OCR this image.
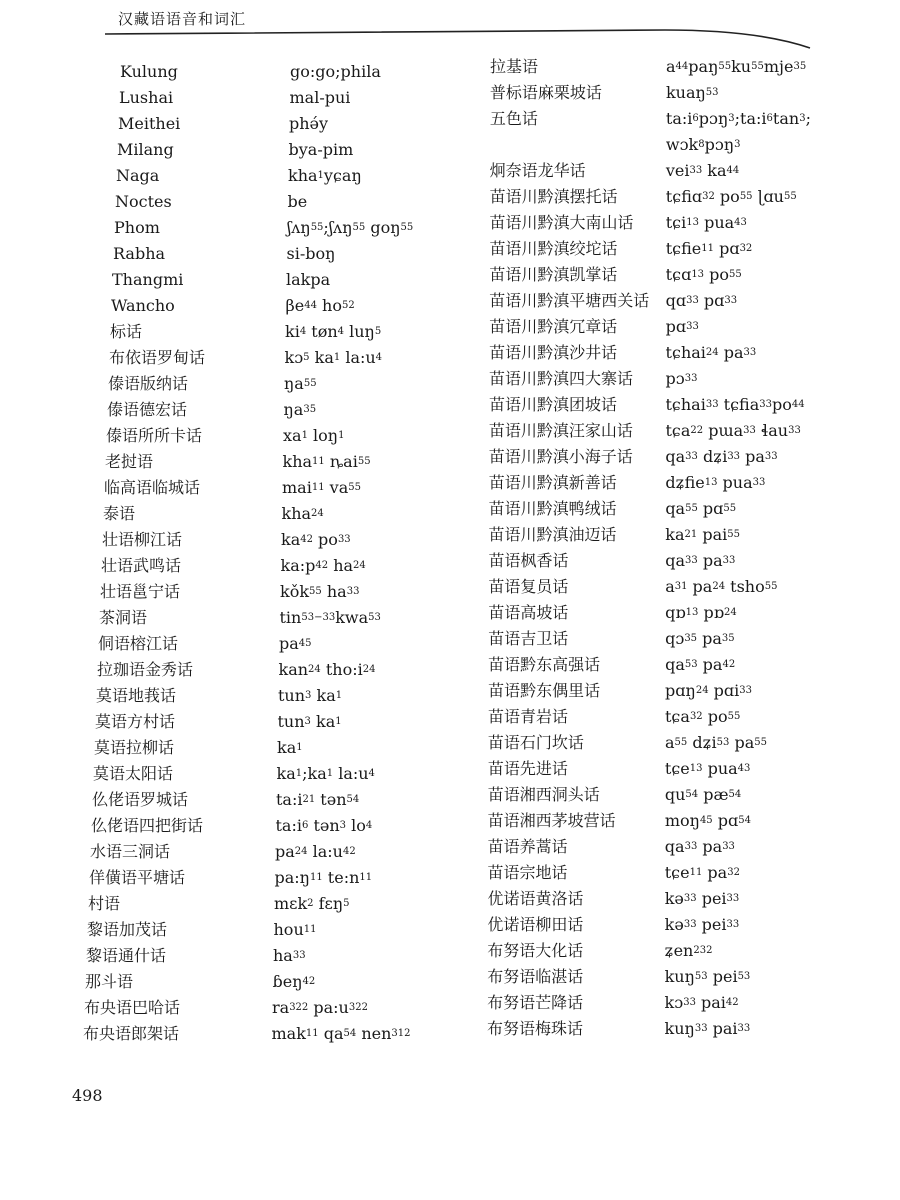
汉藏语语音和词汇
Kulung	go:go;phila
Lushai	mal-pui
Meithei	phə́y
Milang	bya-pim
Naga	kha$^1$yɕaŋ
Noctes	be
Phom	ʃʌŋ$^{55}$;ʃʌŋ$^{55}$ goŋ$^{55}$
Rabha	si-boŋ
Thangmi	lakpa
Wancho	$\beta e^{44}$ $ho^{52}$
标话	$ki^4$ tøn$^4$ luŋ$^5$
布依语罗甸话	kɔ$^5$ $ka^1$ $la:u^4$
傣语版纳话	$ŋa^{55}$
傣语德宏话	$ŋa^{35}$
傣语所所卡话	$xa^1$ loŋ$^1$
老挝语	kha$^{11}$ ȵai$^{55}$
临高语临城话	mai$^{11}$ $va^{55}$
泰语	kha$^{24}$
壮语柳江话	$ka^{42}$ $po^{33}$
壮语武鸣话	$ka:p^{42}$ $ha^{24}$
壮语邕宁话	kǒk$^{55}$ $ha^{33}$
茶洞语	tin$^{53-33}$kwa$^{53}$
侗语榕江话	$pa^{45}$
拉珈语金秀话	kan$^{24}$ $tho:i^{24}$
莫语地莪话	tun$^3$ $ka^1$
莫语方村话	tun$^3$ $ka^1$
莫语拉柳话	$ka^1$
莫语太阳话	$ka^1;ka^1$ $la:u^4$
仫佬语罗城话	$ta:i^{21}$ tən$^{54}$
仫佬语四把街话	$ta:i^6$ tən$^3$ $lo^4$
水语三洞话	$pa^{24}$ $la:u^{42}$
佯僙语平塘话	$pa:ŋ^{11}$ $te:n^{11}$
村语	mɛk$^2$ fɛŋ$^5$
黎语加茂话	hou$^{11}$
黎语通什话	$ha^{33}$
那斗语	ɓeŋ$^{42}$
布央语巴哈话	$ra^{322}$ $pa:u^{322}$
布央语郎架话	mak$^{11}$ $qa^{54}$ nen$^{312}$
拉基语	$a^{44}paŋ^{55}ku^{55}mje^{35}$
普标语麻栗坡话	kuaŋ$^{53}$
五色话	$ta:i^6pɔŋ^3;ta:i^6\tan^3$;
wɔk$^8$pɔŋ$^3$
炯奈语龙华话	vei$^{33}$ $ka^{44}$
苗语川黔滇摆托话	tɕfiɑ$^{32}$ $po^{55}$ ɭɑu$^{55}$
苗语川黔滇大南山话 tɕi$^{13}$ pua$^{43}$
苗语川黔滇绞坨话	tɕfie$^{11}$ pɑ$^{32}$
苗语川黔滇凯掌话	tɕɑ$^{13}$ $po^{55}$
苗语川黔滇平塘西关话 qɑ$^{33}$ pɑ$^{33}$
苗语川黔滇冗章话	pɑ$^{33}$
苗语川黔滇沙井话	tɕhai$^{24}$ $pa^{33}$
苗语川黔滇四大寨话 pɔ$^{33}$
苗语川黔滇团坡话	tɕhai$^{33}$ $tɕfia^{33}po^{44}$
苗语川黔滇汪家山话 tɕa$^{22}$ pɯa$^{33}$ ɬau$^{33}$
苗语川黔滇小海子话 $qa^{33}$ dʑi$^{33}$ $pa^{33}$
苗语川黔滇新善话	dʑfie$^{13}$ pua$^{33}$
苗语川黔滇鸭绒话	$qa^{55}$ pɑ$^{55}$
苗语川黔滇油迈话	$ka^{21}$ pai$^{55}$
苗语枫香话	$qa^{33}$ $pa^{33}$
苗语复员话	$a^{31}$ $pa^{24}$ tsho$^{55}$
苗语高坡话	qɒ$^{13}$ pɒ$^{24}$
苗语吉卫话	qɔ$^{35}$ $pa^{35}$
苗语黔东高强话	$qa^{53}$ $pa^{42}$
苗语黔东偶里话	pɑŋ$^{24}$ pɑi$^{33}$
苗语青岩话	tɕa$^{32}$ $po^{55}$
苗语石门坎话	$a^{55}$ dʑi$^{53}$ $pa^{55}$
苗语先进话	tɕe$^{13}$ pua$^{43}$
苗语湘西洞头话	$qu^{54}$ $pæ^{54}$
苗语湘西茅坡营话	moŋ$^{45}$ pɑ$^{54}$
苗语养蒿话	$qa^{33}$ $pa^{33}$
苗语宗地话	tɕe$^{11}$ $pa^{32}$
优诺语黄洛话	kə$^{33}$ pei$^{33}$
优诺语柳田话	kə$^{33}$ pei$^{33}$
布努语大化话	ʑen$^{232}$
布努语临湛话	kuŋ$^{53}$ pei$^{53}$
布努语芒降话	kɔ$^{33}$ pai$^{42}$
布努语梅珠话	kuŋ$^{33}$ pai$^{33}$
498
